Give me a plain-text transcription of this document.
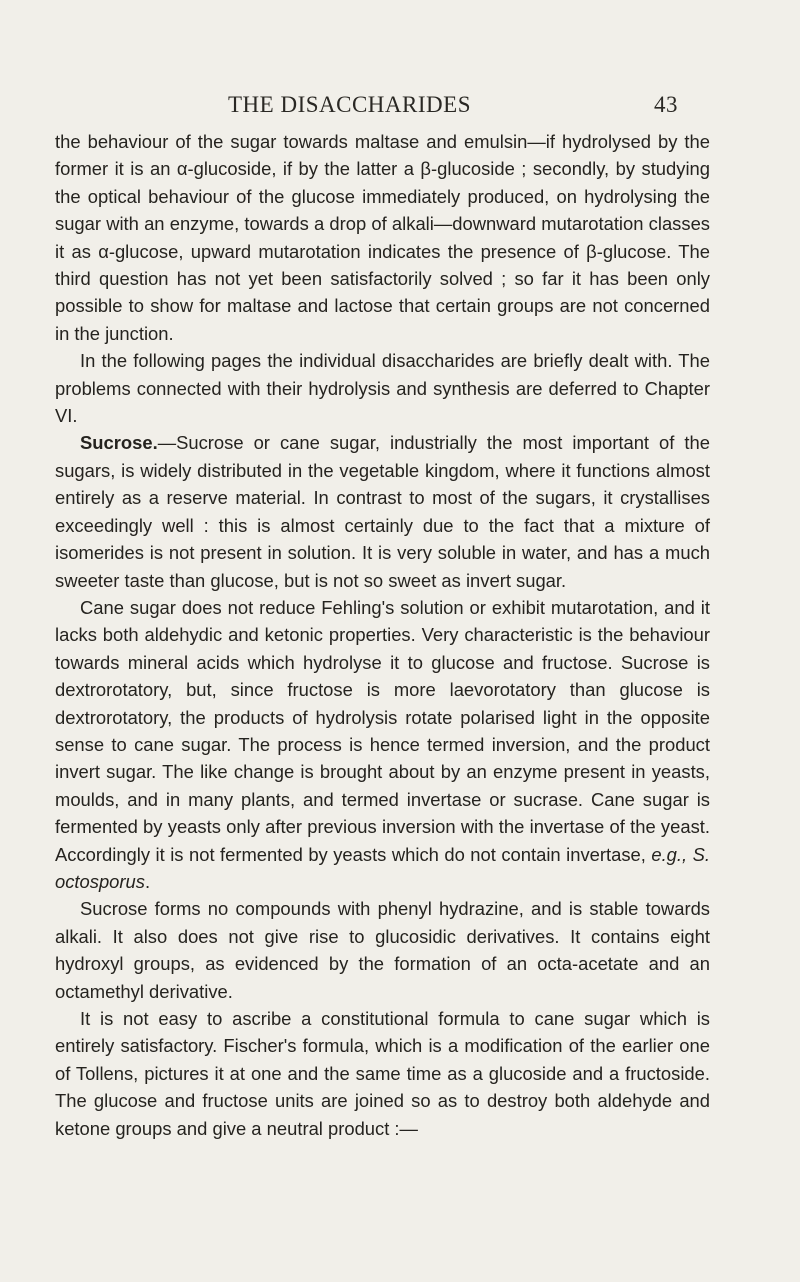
THE DISACCHARIDES	43

the behaviour of the sugar towards maltase and emulsin—if hydrolysed by the former it is an α-glucoside, if by the latter a β-glucoside ; secondly, by studying the optical behaviour of the glucose immediately produced, on hydrolysing the sugar with an enzyme, towards a drop of alkali—downward mutarotation classes it as α-glucose, upward mutarotation indicates the presence of β-glucose. The third question has not yet been satisfactorily solved ; so far it has been only possible to show for maltase and lactose that certain groups are not concerned in the junction.

In the following pages the individual disaccharides are briefly dealt with. The problems connected with their hydrolysis and synthesis are deferred to Chapter VI.

Sucrose.—Sucrose or cane sugar, industrially the most important of the sugars, is widely distributed in the vegetable kingdom, where it functions almost entirely as a reserve material. In contrast to most of the sugars, it crystallises exceedingly well : this is almost certainly due to the fact that a mixture of isomerides is not present in solution. It is very soluble in water, and has a much sweeter taste than glucose, but is not so sweet as invert sugar.

Cane sugar does not reduce Fehling's solution or exhibit mutarotation, and it lacks both aldehydic and ketonic properties. Very characteristic is the behaviour towards mineral acids which hydrolyse it to glucose and fructose. Sucrose is dextrorotatory, but, since fructose is more laevorotatory than glucose is dextrorotatory, the products of hydrolysis rotate polarised light in the opposite sense to cane sugar. The process is hence termed inversion, and the product invert sugar. The like change is brought about by an enzyme present in yeasts, moulds, and in many plants, and termed invertase or sucrase. Cane sugar is fermented by yeasts only after previous inversion with the invertase of the yeast. Accordingly it is not fermented by yeasts which do not contain invertase, e.g., S. octosporus.

Sucrose forms no compounds with phenyl hydrazine, and is stable towards alkali. It also does not give rise to glucosidic derivatives. It contains eight hydroxyl groups, as evidenced by the formation of an octa-acetate and an octamethyl derivative.

It is not easy to ascribe a constitutional formula to cane sugar which is entirely satisfactory. Fischer's formula, which is a modification of the earlier one of Tollens, pictures it at one and the same time as a glucoside and a fructoside. The glucose and fructose units are joined so as to destroy both aldehyde and ketone groups and give a neutral product :—
